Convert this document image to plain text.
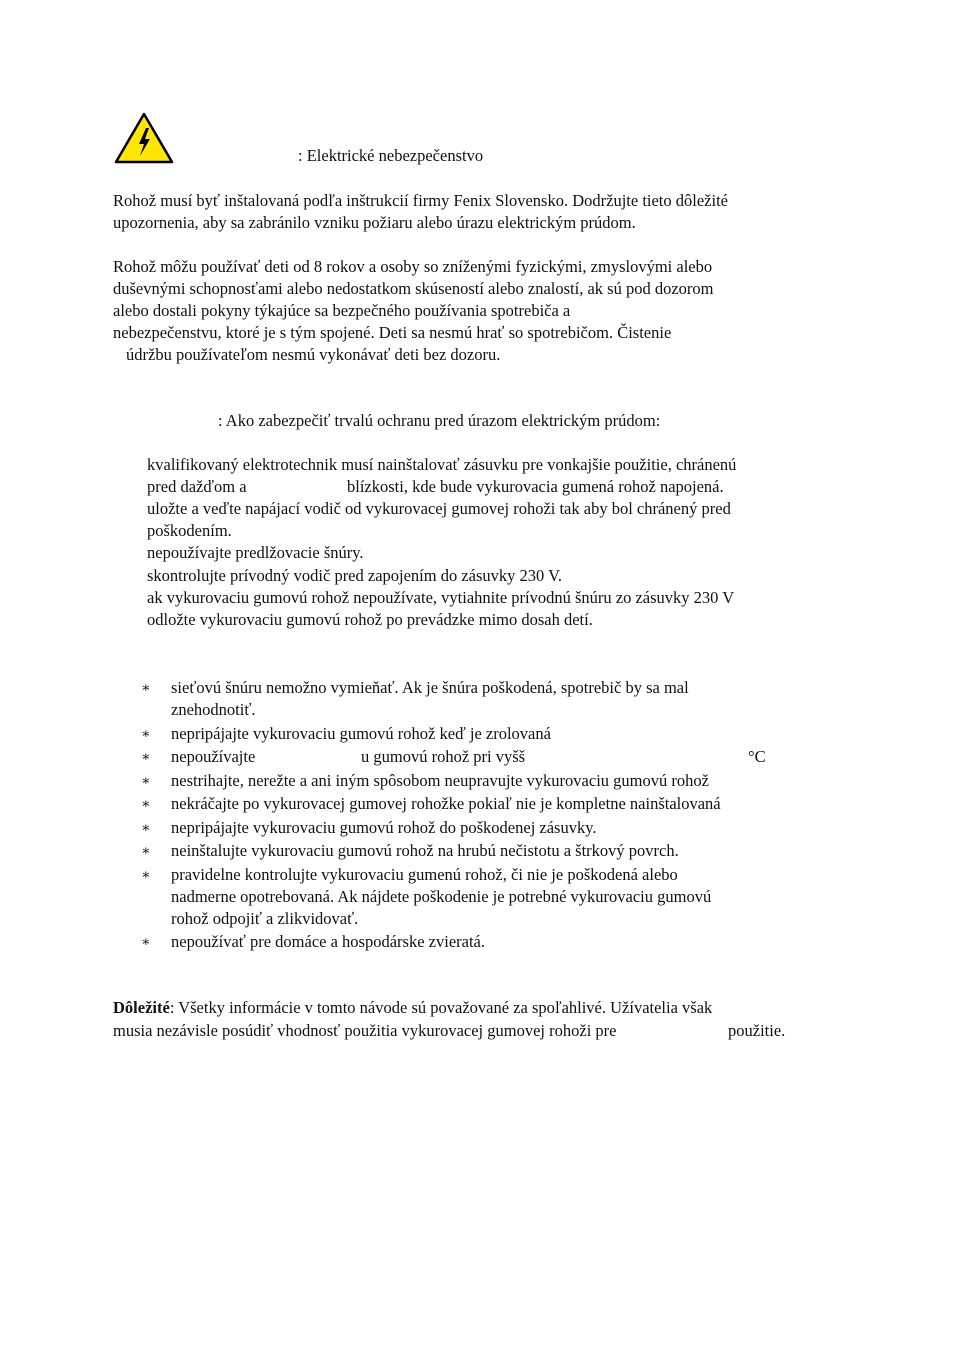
: Elektrické nebezpečenstvo
Rohož musí byť inštalovaná podľa inštrukcií firmy Fenix Slovensko. Dodržujte tieto dôležité
upozornenia, aby sa zabránilo vzniku požiaru alebo úrazu elektrickým prúdom.
Rohož môžu používať deti od 8 rokov a osoby so zníženými fyzickými, zmyslovými alebo
duševnými schopnosťami alebo nedostatkom skúseností alebo znalostí, ak sú pod dozorom
alebo dostali pokyny týkajúce sa bezpečného používania spotrebiča a
nebezpečenstvu, ktoré je s tým spojené. Deti sa nesmú hrať so spotrebičom. Čistenie
údržbu používateľom nesmú vykonávať deti bez dozoru.
: Ako zabezpečiť trvalú ochranu pred úrazom elektrickým prúdom:
kvalifikovaný elektrotechnik musí nainštalovať zásuvku pre vonkajšie použitie, chránenú
pred dažďom a	blízkosti, kde bude vykurovacia gumená rohož napojená.
uložte a veďte napájací vodič od vykurovacej gumovej rohoži tak aby bol chránený pred
poškodením.
nepoužívajte predlžovacie šnúry.
skontrolujte prívodný vodič pred zapojením do zásuvky 230 V.
ak vykurovaciu gumovú rohož nepoužívate, vytiahnite prívodnú šnúru zo zásuvky 230 V
odložte vykurovaciu gumovú rohož po prevádzke mimo dosah detí.
∗ sieťovú šnúru nemožno vymieňať. Ak je šnúra poškodená, spotrebič by sa mal
znehodnotiť.
∗ nepripájajte vykurovaciu gumovú rohož keď je zrolovaná
∗ nepoužívajte	u gumovú rohož pri vyšš	°C
∗ nestrihajte, nerežte a ani iným spôsobom neupravujte vykurovaciu gumovú rohož
∗ nekráčajte po vykurovacej gumovej rohožke pokiaľ nie je kompletne nainštalovaná
∗ nepripájajte vykurovaciu gumovú rohož do poškodenej zásuvky.
∗ neinštalujte vykurovaciu gumovú rohož na hrubú nečistotu a štrkový povrch.
∗ pravidelne kontrolujte vykurovaciu gumenú rohož, či nie je poškodená alebo
nadmerne opotrebovaná. Ak nájdete poškodenie je potrebné vykurovaciu gumovú
rohož odpojiť a zlikvidovať.
∗ nepoužívať pre domáce a hospodárske zvieratá.
Dôležité: Všetky informácie v tomto návode sú považované za spoľahlivé. Užívatelia však
musia nezávisle posúdiť vhodnosť použitia vykurovacej gumovej rohoži pre	použitie.
